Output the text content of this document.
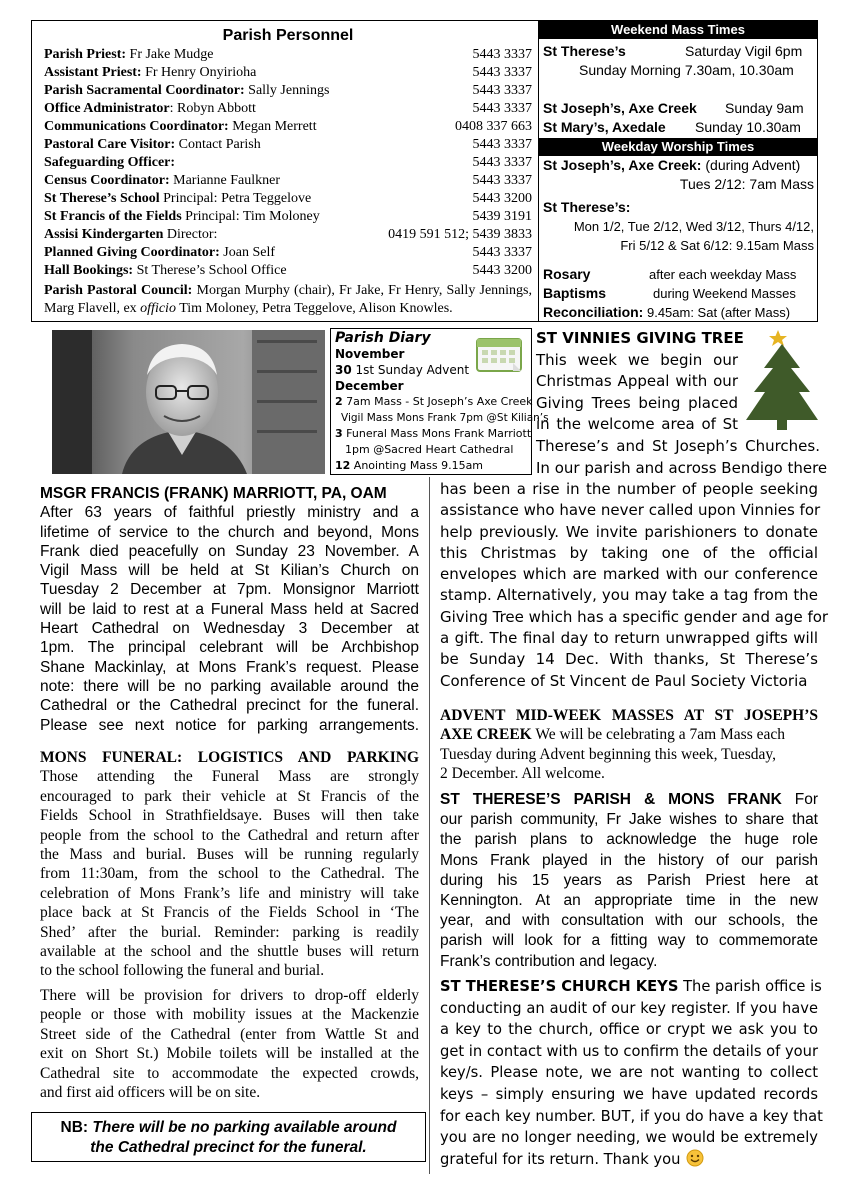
Parish Personnel
Parish Priest: Fr Jake Mudge	5443 3337
Assistant Priest: Fr Henry Onyirioha	5443 3337
Parish Sacramental Coordinator: Sally Jennings	5443 3337
Office Administrator: Robyn Abbott	5443 3337
Communications Coordinator: Megan Merrett	0408 337 663
Pastoral Care Visitor: Contact Parish	5443 3337
Safeguarding Officer:	5443 3337
Census Coordinator: Marianne Faulkner	5443 3337
St Therese’s School Principal: Petra Teggelove	5443 3200
St Francis of the Fields Principal: Tim Moloney	5439 3191
Assisi Kindergarten Director:	0419 591 512; 5439 3833
Planned Giving Coordinator: Joan Self	5443 3337
Hall Bookings: St Therese’s School Office	5443 3200
Parish Pastoral Council: Morgan Murphy (chair), Fr Jake, Fr Henry, Sally Jennings, Marg Flavell, ex officio Tim Moloney, Petra Teggelove, Alison Knowles.
Weekend Mass Times
St Therese’s	Saturday Vigil 6pm
Sunday Morning 7.30am, 10.30am
St Joseph’s, Axe Creek Sunday 9am
St Mary’s, Axedale Sunday 10.30am
Weekday Worship Times
St Joseph’s, Axe Creek: (during Advent)
Tues 2/12: 7am Mass
St Therese’s:
Mon 1/2, Tue 2/12, Wed 3/12, Thurs 4/12,
Fri 5/12 & Sat 6/12: 9.15am Mass
Rosary	after each weekday Mass
Baptisms	during Weekend Masses
Reconciliation: 9.45am: Sat (after Mass)
Parish Diary
November
30 1st Sunday Advent
December
2 7am Mass - St Joseph’s Axe Creek
Vigil Mass Mons Frank 7pm @St Kilian’s
3 Funeral Mass Mons Frank Marriott
1pm @Sacred Heart Cathedral
12 Anointing Mass 9.15am
ST VINNIES GIVING TREE
This week we begin our
Christmas Appeal with our
Giving Trees being placed
in the welcome area of St
Therese’s and St Joseph’s Churches.
In our parish and across Bendigo there
has been a rise in the number of people seeking
assistance who have never called upon Vinnies for
help previously. We invite parishioners to donate
this Christmas by taking one of the official
envelopes which are marked with our conference
stamp. Alternatively, you may take a tag from the
Giving Tree which has a specific gender and age for
a gift. The final day to return unwrapped gifts will
be Sunday 14 Dec. With thanks, St Therese’s
Conference of St Vincent de Paul Society Victoria
MSGR FRANCIS (FRANK) MARRIOTT, PA, OAM
After 63 years of faithful priestly ministry and a
lifetime of service to the church and beyond, Mons
Frank died peacefully on Sunday 23 November. A
Vigil Mass will be held at St Kilian’s Church on
Tuesday 2 December at 7pm. Monsignor Marriott
will be laid to rest at a Funeral Mass held at Sacred
Heart Cathedral on Wednesday 3 December at
1pm. The principal celebrant will be Archbishop
Shane Mackinlay, at Mons Frank’s request. Please
note: there will be no parking available around the
Cathedral or the Cathedral precinct for the funeral.
Please see next notice for parking arrangements.
MONS FUNERAL: LOGISTICS AND PARKING
Those attending the Funeral Mass are strongly
encouraged to park their vehicle at St Francis of the
Fields School in Strathfieldsaye. Buses will then take
people from the school to the Cathedral and return after
the Mass and burial. Buses will be running regularly
from 11:30am, from the school to the Cathedral. The
celebration of Mons Frank’s life and ministry will take
place back at St Francis of the Fields School in ‘The
Shed’ after the burial. Reminder: parking is readily
available at the school and the shuttle buses will return
to the school following the funeral and burial.
There will be provision for drivers to drop-off elderly
people or those with mobility issues at the Mackenzie
Street side of the Cathedral (enter from Wattle St and
exit on Short St.) Mobile toilets will be installed at the
Cathedral site to accommodate the expected crowds,
and first aid officers will be on site.
NB: There will be no parking available around
the Cathedral precinct for the funeral.
ADVENT MID-WEEK MASSES AT ST JOSEPH’S
AXE CREEK We will be celebrating a 7am Mass each
Tuesday during Advent beginning this week, Tuesday,
2 December. All welcome.
ST THERESE’S PARISH & MONS FRANK For
our parish community, Fr Jake wishes to share that
the parish plans to acknowledge the huge role
Mons Frank played in the history of our parish
during his 15 years as Parish Priest here at
Kennington. At an appropriate time in the new
year, and with consultation with our schools, the
parish will look for a fitting way to commemorate
Frank’s contribution and legacy.
ST THERESE’S CHURCH KEYS The parish office is
conducting an audit of our key register. If you have
a key to the church, office or crypt we ask you to
get in contact with us to confirm the details of your
key/s. Please note, we are not wanting to collect
keys – simply ensuring we have updated records
for each key number. BUT, if you do have a key that
you are no longer needing, we would be extremely
grateful for its return. Thank you
